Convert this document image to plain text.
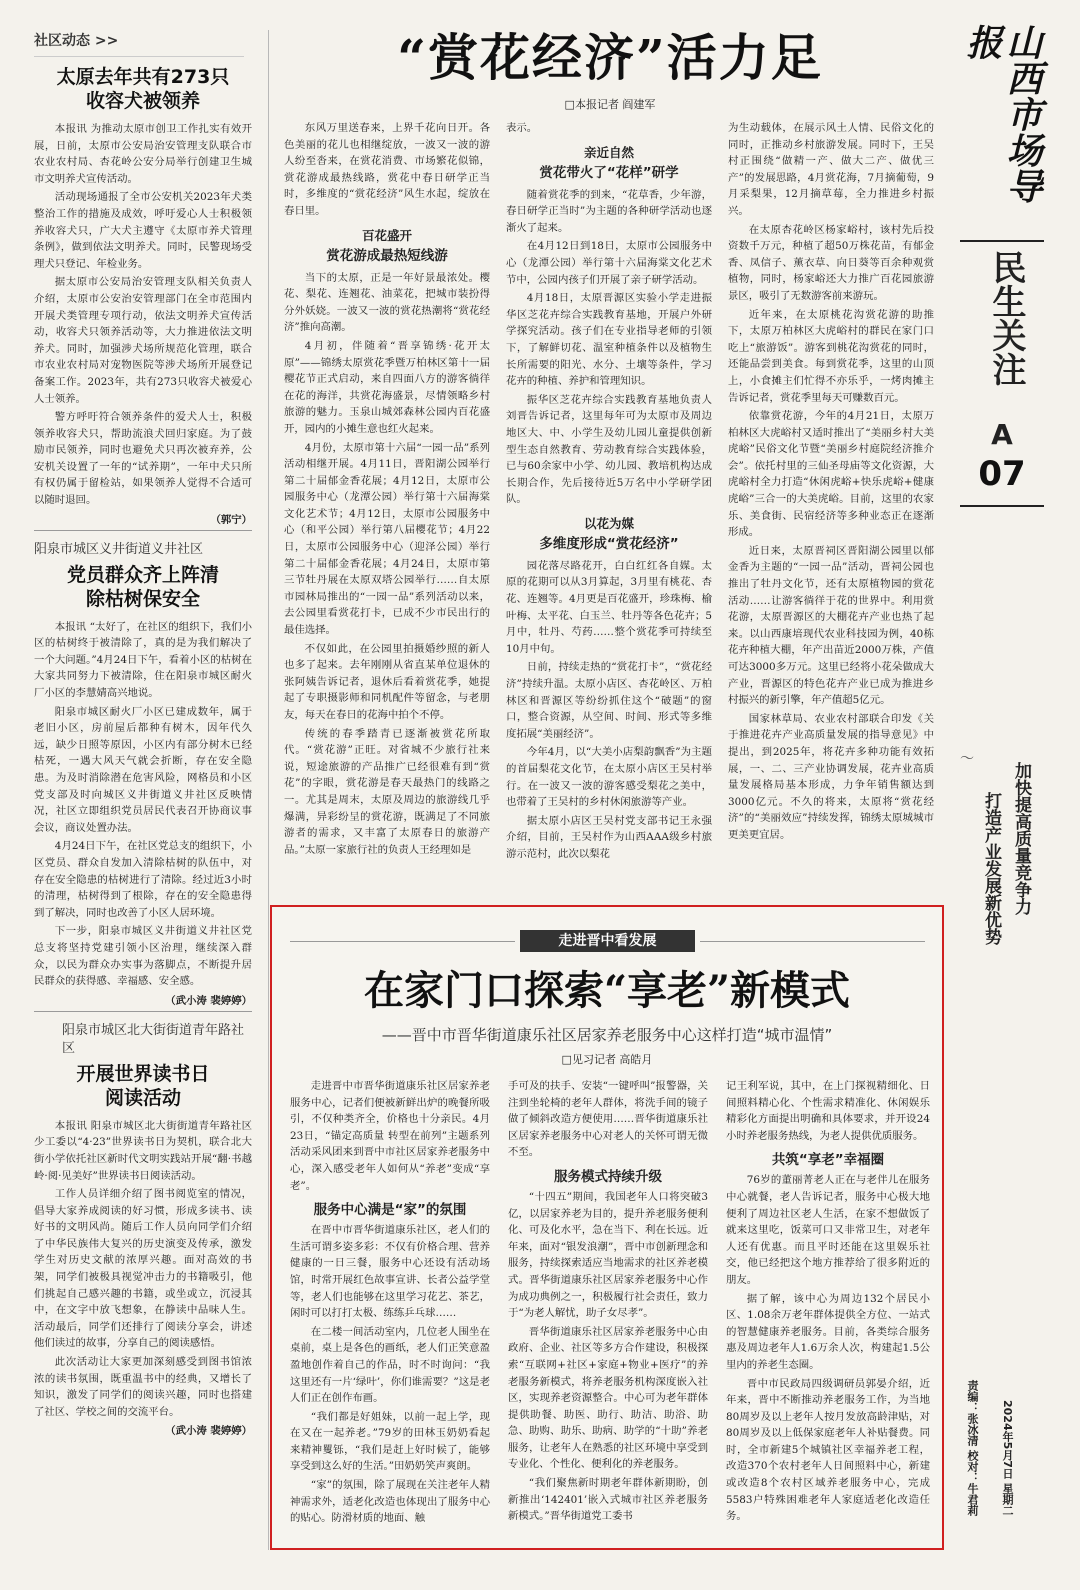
社区动态 >>

太原去年共有273只收容犬被领养

本报讯 为推动太原市创卫工作扎实有效开展，日前，太原市公安局治安管理支队联合市农业农村局、杏花岭公安分局举行创建卫生城市文明养犬宣传活动。

活动现场通报了全市公安机关2023年犬类整治工作的措施及成效，呼吁爱心人士积极领养收容犬只，广大犬主遵守《太原市养犬管理条例》，做到依法文明养犬。同时，民警现场受理犬只登记、年检业务。

据太原市公安局治安管理支队相关负责人介绍，太原市公安治安管理部门在全市范围内开展犬类管理专项行动，依法文明养犬宣传活动，收容犬只领养活动等，大力推进依法文明养犬。同时，加强涉犬场所规范化管理，联合市农业农村局对宠物医院等涉犬场所开展登记备案工作。2023年，共有273只收容犬被爱心人士领养。

警方呼吁符合领养条件的爱犬人士，积极领养收容犬只，帮助流浪犬回归家庭。为了鼓励市民领养，同时也避免犬只再次被弃养，公安机关设置了一年的“试养期”，一年中犬只所有权仍属于留检站，如果领养人觉得不合适可以随时退回。

（郭宁）

阳泉市城区义井街道义井社区

党员群众齐上阵清除枯树保安全

本报讯 “太好了，在社区的组织下，我们小区的枯树终于被清除了，真的是为我们解决了一个大问题。”4月24日下午，看着小区的枯树在大家共同努力下被清除，住在阳泉市城区耐火厂小区的李慧婧高兴地说。

阳泉市城区耐火厂小区已建成数年，属于老旧小区，房前屋后都种有树木，因年代久远，缺少日照等原因，小区内有部分树木已经枯死，一遇大风天气就会折断，存在安全隐患。为及时消除潜在危害风险，网格员和小区党支部及时向城区义井街道义井社区反映情况，社区立即组织党员居民代表召开协商议事会议，商议处置办法。

4月24日下午，在社区党总支的组织下，小区党员、群众自发加入清除枯树的队伍中，对存在安全隐患的枯树进行了清除。经过近3小时的清理，枯树得到了根除，存在的安全隐患得到了解决，同时也改善了小区人居环境。

下一步，阳泉市城区义井街道义井社区党总支将坚持党建引领小区治理，继续深入群众，以民为群众办实事为落脚点，不断提升居民群众的获得感、幸福感、安全感。

（武小涛 裴婷婷）

阳泉市城区北大街街道青年路社区

开展世界读书日阅读活动

本报讯 阳泉市城区北大街街道青年路社区少工委以“4·23”世界读书日为契机，联合北大街小学依托社区新时代文明实践站开展“翻·书越岭·阅·见美好”世界读书日阅读活动。

工作人员详细介绍了图书阅览室的情况，倡导大家养成阅读的好习惯，形成多读书、读好书的文明风尚。随后工作人员向同学们介绍了中华民族伟大复兴的历史演变及传承，激发学生对历史文献的浓厚兴趣。面对高效的书架，同学们被极具视觉冲击力的书籍吸引，他们挑起自己感兴趣的书籍，或坐或立，沉浸其中，在文字中放飞想象，在静读中品味人生。活动最后，同学们还排行了阅读分享会，讲述他们读过的故事，分享自己的阅读感悟。

此次活动让大家更加深刻感受到图书馆浓浓的读书氛围，既重温书中的经典，又增长了知识，激发了同学们的阅读兴趣，同时也搭建了社区、学校之间的交流平台。

（武小涛 裴婷婷）

“赏花经济”活力足
□本报记者 阎建军

东风万里送春来，上界千花向日开。各色美丽的花儿也相继绽放，一波又一波的游人纷至沓来，在赏花消费、市场繁花似锦，赏花游成最热线路，赏花中春日研学正当时，多维度的“赏花经济”风生水起，绽放在春日里。

百花盛开

赏花游成最热短线游

当下的太原，正是一年好景最浓处。樱花、梨花、连翘花、油菜花，把城市装扮得分外妖娆。一波又一波的赏花热潮将“赏花经济”推向高潮。

4月初，伴随着“晋享锦绣·花开太原”——锦绣太原赏花季暨万柏林区第十一届樱花节正式启动，来自四面八方的游客徜徉在花的海洋，共赏花海盛景，尽情领略乡村旅游的魅力。玉泉山城郊森林公园内百花盛开，园内的小摊生意也红火起来。

4月份，太原市第十六届“一园一品”系列活动相继开展。4月11日，晋阳湖公园举行第二十届郁金香花展；4月12日，太原市公园服务中心（龙潭公园）举行第十六届海棠文化艺术节；4月12日，太原市公园服务中心（和平公园）举行第八届樱花节；4月22日，太原市公园服务中心（迎泽公园）举行第二十届郁金香花展；4月24日，太原市第三节牡丹展在太原双塔公园举行……自太原市园林局推出的“一园一品”系列活动以来，去公园里看赏花打卡，已成不少市民出行的最佳选择。

不仅如此，在公园里拍摄婚纱照的新人也多了起来。去年刚刚从省直某单位退休的张阿姨告诉记者，退休后看着赏花季，她提起了专职摄影师和同机配件等留念，与老朋友，每天在春日的花海中拍个不停。

传统的春季踏青已逐渐被赏花所取代。“赏花游”正旺。对省城不少旅行社来说，短途旅游的产品推广已经很难有到“赏花”的字眼，赏花游是春天最热门的线路之一。尤其是周末，太原及周边的旅游线几乎爆满，异彩纷呈的赏花游，既满足了不同旅游者的需求，又丰富了太原春日的旅游产品。”太原一家旅行社的负责人王经理如是

表示。

亲近自然

赏花带火了“花样”研学

随着赏花季的到来，“花草香，少年游，春日研学正当时”为主题的各种研学活动也逐渐火了起来。

在4月12日到18日，太原市公园服务中心（龙潭公园）举行第十六届海棠文化艺术节中，公园内孩子们开展了亲子研学活动。

4月18日，太原晋源区实验小学走进振华区芝花卉综合实践教育基地，开展户外研学探究活动。孩子们在专业指导老师的引领下，了解鲜切花、温室种植条件以及植物生长所需要的阳光、水分、土壤等条件，学习花卉的种植、养护和管理知识。

振华区芝花卉综合实践教育基地负责人刘晋告诉记者，这里每年可为太原市及周边地区大、中、小学生及幼儿园儿童提供创新型生态自然教育、劳动教育综合实践体验，已与60余家中小学、幼儿园、教培机构达成长期合作，先后接待近5万名中小学研学团队。

以花为媒

多维度形成“赏花经济”

园花落尽路花开，白白红红各自媒。太原的花期可以从3月算起，3月里有桃花、杏花、连翘等。4月更是百花盛开，珍珠梅、榆叶梅、太平花、白玉兰、牡丹等各色花卉；5月中，牡丹、芍药……整个赏花季可持续至10月中旬。

日前，持续走热的“赏花打卡”，“赏花经济”持续升温。太原小店区、杏花岭区、万柏林区和晋源区等纷纷抓住这个“破题”的窗口，整合资源，从空间、时间、形式等多维度拓展“美丽经济”。

今年4月，以“大美小店梨韵飘香”为主题的首届梨花文化节，在太原小店区王吴村举行。在一波又一波的游客感受梨花之美中，也带着了王吴村的乡村休闲旅游等产业。

据太原小店区王吴村党支部书记王永强介绍，目前，王吴村作为山西AAA级乡村旅游示范村，此次以梨花

为生动载体，在展示风土人情、民俗文化的同时，正推动乡村旅游发展。同时下，王吴村正围绕“做精一产、做大二产、做优三产”的发展思路，4月赏花海，7月摘葡萄，9月采梨果，12月摘草莓，全力推进乡村振兴。

在太原杏花岭区杨家峪村，该村先后投资数千万元，种植了超50万株花苗，有郁金香、凤信子、薰衣草、向日葵等百余种观赏植物，同时，杨家峪还大力推广百花园旅游景区，吸引了无数游客前来游玩。

近年来，在太原桃花沟赏花游的助推下，太原万柏林区大虎峪村的群民在家门口吃上“旅游饭”。游客到桃花沟赏花的同时，还能品尝到美食。每到赏花季，这里的山顶上，小食摊主们忙得不亦乐乎，一烤肉摊主告诉记者，赏花季里每天可赚数百元。

依靠赏花游，今年的4月21日，太原万柏林区大虎峪村又适时推出了“美丽乡村大美虎峪”民俗文化节暨“美丽乡村庭院经济推介会”。依托村里的三仙圣母庙等文化资源，大虎峪村全力打造“休闲虎峪+快乐虎峪+健康虎峪”三合一的大美虎峪。目前，这里的农家乐、美食街、民宿经济等多种业态正在逐渐形成。

近日来，太原晋祠区晋阳湖公园里以郁金香为主题的“一园一品”活动，晋祠公园也推出了牡丹文化节，还有太原植物园的赏花活动……让游客徜徉于花的世界中。利用赏花游，太原晋源区的大棚花卉产业也热了起来。以山西康培现代农业科技园为例，40栋花卉种植大棚，年产出苗近2000万株，产值可达3000多万元。这里已经将小花朵做成大产业，晋源区的特色花卉产业已成为推进乡村振兴的新引擎，年产值超5亿元。

国家林草局、农业农村部联合印发《关于推进花卉产业高质量发展的指导意见》中提出，到2025年，将花卉多种功能有效拓展，一、二、三产业协调发展，花卉业高质量发展格局基本形成，力争年销售额达到3000亿元。不久的将来，太原将“赏花经济”的“美丽效应”持续发挥，锦绣太原城城市更美更宜居。

山西市场导报
民生关注
A
07
〜
加快提高质量竞争力
打造产业发展新优势
2024年5月7日 星期二
责编：张冰清 校对：牛君莉
走进晋中看发展
在家门口探索“享老”新模式
——晋中市晋华街道康乐社区居家养老服务中心这样打造“城市温情”
□见习记者 高皓月

走进晋中市晋华街道康乐社区居家养老服务中心，记者们便被新鲜出炉的晚餐所吸引，不仅种类齐全，价格也十分亲民。4月23日，“锚定高质量 转型在前列”主题系列活动采风团来到晋中市社区居家养老服务中心，深入感受老年人如何从“养老”变成“享老”。

服务中心满是“家”的氛围

在晋中市晋华街道康乐社区，老人们的生活可谓多姿多彩：不仅有价格合理、营养健康的一日三餐，服务中心还设有活动场馆，时常开展红色故事宣讲、长者公益学堂等，老人们也能够在这里学习花艺、茶艺，闲时可以打打太极、练练乒乓球……

在二楼一间活动室内，几位老人围坐在桌前，桌上是各色的画纸，老人们正笑意盈盈地创作着自己的作品，时不时询问：“我这里还有一片‘绿叶’，你们谁需要？”这是老人们正在创作布画。

“我们都是好姐妹，以前一起上学，现在又在一起养老。”79岁的田林玉奶奶看起来精神矍铄，“我们是赶上好时候了，能够享受到这么好的生活。”田奶奶笑声爽朗。

“家”的氛围，除了展现在关注老年人精神需求外，适老化改造也体现出了服务中心的贴心。防滑材质的地面、触

手可及的扶手、安装“一键呼叫”报警器，关注到坐轮椅的老年人群体，将洗手间的镜子做了倾斜改造方便使用……晋华街道康乐社区居家养老服务中心对老人的关怀可谓无微不至。

服务模式持续升级

“十四五”期间，我国老年人口将突破3亿，以居家养老为目的，提升养老服务便利化、可及化水平，急在当下、利在长远。近年来，面对“银发浪潮”，晋中市创新理念和服务，持续探索适应当地需求的社区养老模式。晋华街道康乐社区居家养老服务中心作为成功典例之一，积极履行社会责任，致力于“为老人解忧，助子女尽孝”。

晋华街道康乐社区居家养老服务中心由政府、企业、社区等多方合作建设，积极探索“互联网+社区+家庭+物业+医疗”的养老服务新模式，将养老服务机构深度嵌入社区，实现养老资源整合。中心可为老年群体提供助餐、助医、助行、助洁、助浴、助急、助购、助乐、助病、助学的“十助”养老服务，让老年人在熟悉的社区环境中享受到专业化、个性化、便利化的养老服务。

“我们聚焦新时期老年群体新期盼，创新推出‘142401’嵌入式城市社区养老服务新模式。”晋华街道党工委书

记王利军说，其中，在上门探视精细化、日间照料精心化、个性需求精准化、休闲娱乐精彩化方面提出明确和具体要求，并开设24小时养老服务热线，为老人提供优质服务。

共筑“享老”幸福圈

76岁的董丽菁老人正在与老伴儿在服务中心就餐，老人告诉记者，服务中心极大地便利了周边社区老人生活，在家不想做饭了就来这里吃，饭菜可口又非常卫生，对老年人还有优惠。而且平时还能在这里娱乐社交，他已经把这个地方推荐给了很多附近的朋友。

据了解，该中心为周边132个居民小区、1.08余万老年群体提供全方位、一站式的智慧健康养老服务。目前，各类综合服务惠及周边老年人1.6万余人次，构建起1.5公里内的养老生态圈。

晋中市民政局四级调研员郭晏介绍，近年来，晋中不断推动养老服务工作，为当地80周岁及以上老年人按月发放高龄津贴，对80周岁及以上低保家庭老年人补贴餐费。同时，全市新建5个城镇社区幸福养老工程，改造370个农村老年人日间照料中心，新建或改造8个农村区域养老服务中心，完成5583户特殊困难老年人家庭适老化改造任务。
